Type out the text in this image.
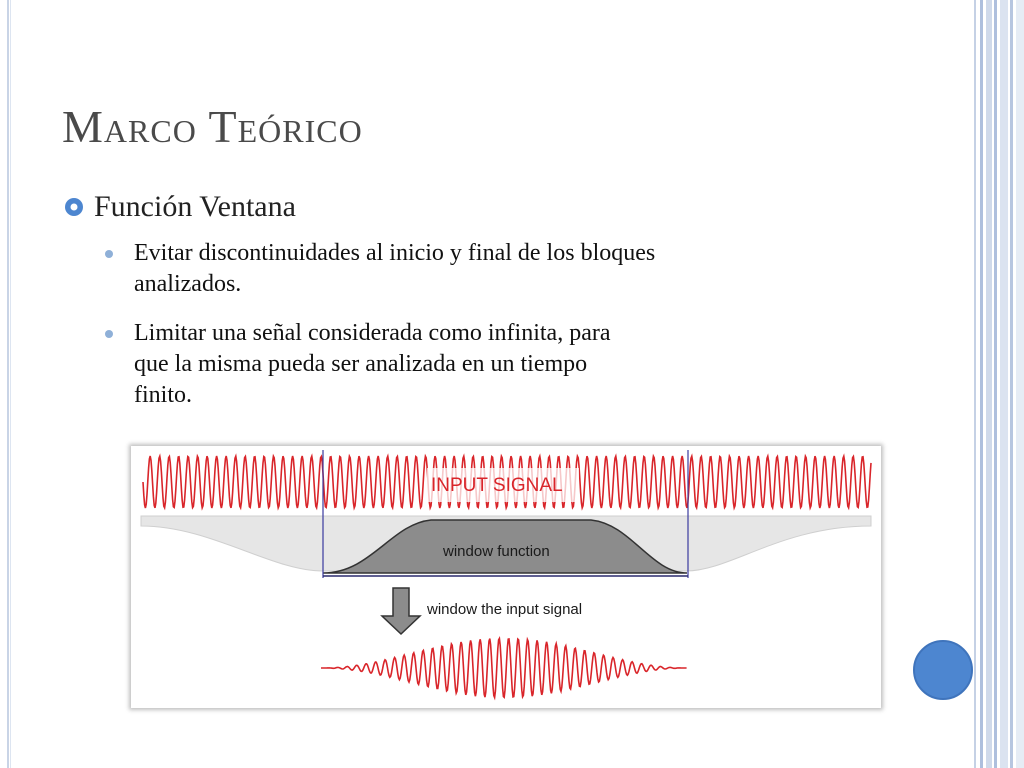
Marco Teórico
Función Ventana
Evitar discontinuidades al inicio y final de los bloques
analizados.
Limitar una señal considerada como infinita, para
que la misma pueda ser analizada en un tiempo
finito.
INPUT SIGNAL
window function
window the input signal
